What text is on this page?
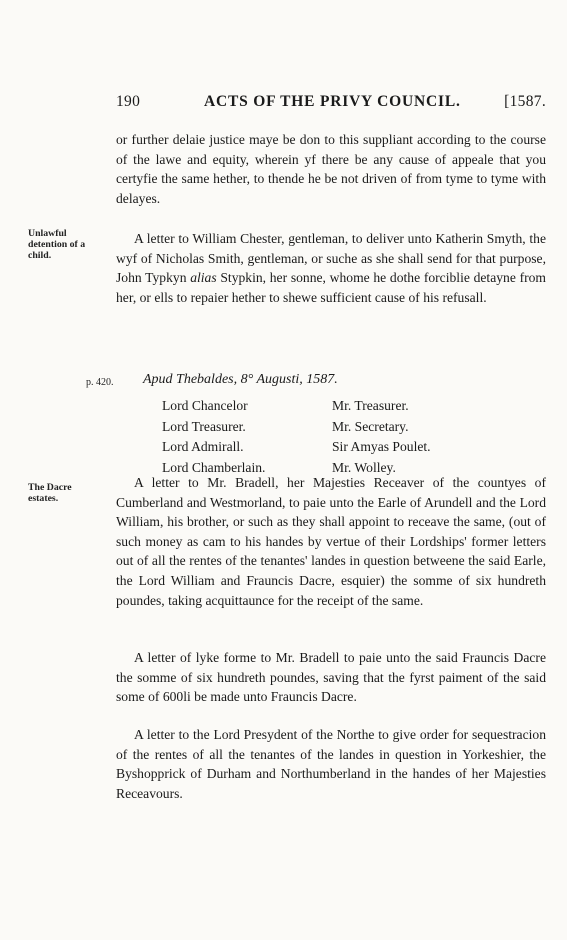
190	ACTS OF THE PRIVY COUNCIL.	[1587.

or further delaie justice maye be don to this suppliant according to the course of the lawe and equity, wherein yf there be any cause of appeale that you certyfie the same hether, to thende he be not driven of from tyme to tyme with delayes.

Unlawful detention of a child.

A letter to William Chester, gentleman, to deliver unto Katherin Smyth, the wyf of Nicholas Smith, gentleman, or suche as she shall send for that purpose, John Typkyn alias Stypkin, her sonne, whome he dothe forciblie detayne from her, or ells to repaier hether to shewe sufficient cause of his refusall.

p. 420.	Apud Thebaldes, 8° Augusti, 1587.
Lord Chancelor	Mr. Treasurer.
Lord Treasurer.	Mr. Secretary.
Lord Admirall.	Sir Amyas Poulet.
Lord Chamberlain.	Mr. Wolley.
The Dacre estates.

A letter to Mr. Bradell, her Majesties Receaver of the countyes of Cumberland and Westmorland, to paie unto the Earle of Arundell and the Lord William, his brother, or such as they shall appoint to receave the same, (out of such money as cam to his handes by vertue of their Lordships' former letters out of all the rentes of the tenantes' landes in question betweene the said Earle, the Lord William and Frauncis Dacre, esquier) the somme of six hundreth poundes, taking acquittaunce for the receipt of the same.

A letter of lyke forme to Mr. Bradell to paie unto the said Frauncis Dacre the somme of six hundreth poundes, saving that the fyrst paiment of the said some of 600li be made unto Frauncis Dacre.

A letter to the Lord Presydent of the Northe to give order for sequestracion of the rentes of all the tenantes of the landes in question in Yorkeshier, the Byshopprick of Durham and Northumberland in the handes of her Majesties Receavours.
